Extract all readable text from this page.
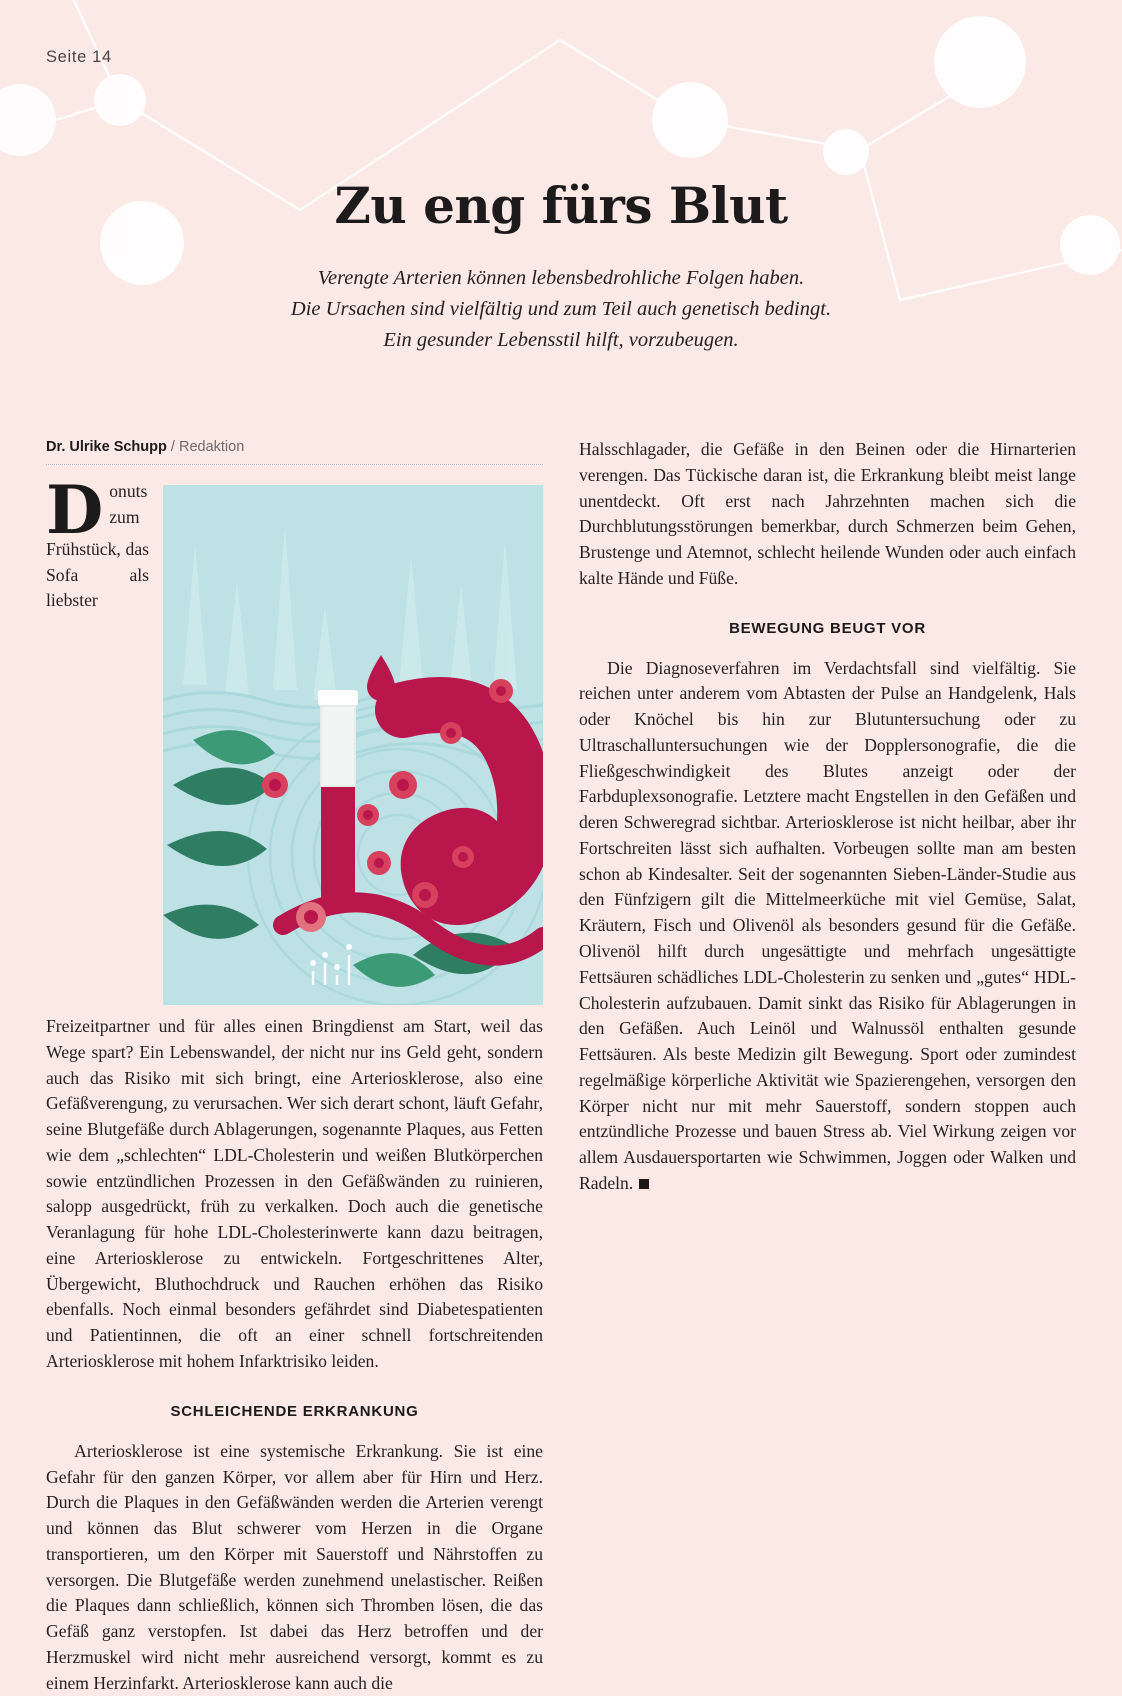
Seite 14
Zu eng fürs Blut
Verengte Arterien können lebensbedrohliche Folgen haben.
Die Ursachen sind vielfältig und zum Teil auch genetisch bedingt.
Ein gesunder Lebensstil hilft, vorzubeugen.
Dr. Ulrike Schupp / Redaktion

Donuts zum Frühstück, das Sofa als liebster Freizeitpartner und für alles einen Bringdienst am Start, weil das Wege spart? Ein Lebenswandel, der nicht nur ins Geld geht, sondern auch das Risiko mit sich bringt, eine Arteriosklerose, also eine Gefäßverengung, zu verursachen. Wer sich derart schont, läuft Gefahr, seine Blutgefäße durch Ablagerungen, sogenannte Plaques, aus Fetten wie dem „schlechten“ LDL-Cholesterin und weißen Blutkörperchen sowie entzündlichen Prozessen in den Gefäßwänden zu ruinieren, salopp ausgedrückt, früh zu verkalken. Doch auch die genetische Veranlagung für hohe LDL-Cholesterinwerte kann dazu beitragen, eine Arteriosklerose zu entwickeln. Fortgeschrittenes Alter, Übergewicht, Bluthochdruck und Rauchen erhöhen das Risiko ebenfalls. Noch einmal besonders gefährdet sind Diabetespatienten und Patientinnen, die oft an einer schnell fortschreitenden Arteriosklerose mit hohem Infarktrisiko leiden.

SCHLEICHENDE ERKRANKUNG

Arteriosklerose ist eine systemische Erkrankung. Sie ist eine Gefahr für den ganzen Körper, vor allem aber für Hirn und Herz. Durch die Plaques in den Gefäßwänden werden die Arterien verengt und können das Blut schwerer vom Herzen in die Organe transportieren, um den Körper mit Sauerstoff und Nährstoffen zu versorgen. Die Blutgefäße werden zunehmend unelastischer. Reißen die Plaques dann schließlich, können sich Thromben lösen, die das Gefäß ganz verstopfen. Ist dabei das Herz betroffen und der Herzmuskel wird nicht mehr ausreichend versorgt, kommt es zu einem Herzinfarkt. Arteriosklerose kann auch die

Halsschlagader, die Gefäße in den Beinen oder die Hirnarterien verengen. Das Tückische daran ist, die Erkrankung bleibt meist lange unentdeckt. Oft erst nach Jahrzehnten machen sich die Durchblutungsstörungen bemerkbar, durch Schmerzen beim Gehen, Brustenge und Atemnot, schlecht heilende Wunden oder auch einfach kalte Hände und Füße.

BEWEGUNG BEUGT VOR

Die Diagnoseverfahren im Verdachtsfall sind vielfältig. Sie reichen unter anderem vom Abtasten der Pulse an Handgelenk, Hals oder Knöchel bis hin zur Blutuntersuchung oder zu Ultraschalluntersuchungen wie der Dopplersonografie, die die Fließgeschwindigkeit des Blutes anzeigt oder der Farbduplexsonografie. Letztere macht Engstellen in den Gefäßen und deren Schweregrad sichtbar. Arteriosklerose ist nicht heilbar, aber ihr Fortschreiten lässt sich aufhalten. Vorbeugen sollte man am besten schon ab Kindesalter. Seit der sogenannten Sieben-Länder-Studie aus den Fünfzigern gilt die Mittelmeerküche mit viel Gemüse, Salat, Kräutern, Fisch und Olivenöl als besonders gesund für die Gefäße. Olivenöl hilft durch ungesättigte und mehrfach ungesättigte Fettsäuren schädliches LDL-Cholesterin zu senken und „gutes“ HDL-Cholesterin aufzubauen. Damit sinkt das Risiko für Ablagerungen in den Gefäßen. Auch Leinöl und Walnussöl enthalten gesunde Fettsäuren. Als beste Medizin gilt Bewegung. Sport oder zumindest regelmäßige körperliche Aktivität wie Spazierengehen, versorgen den Körper nicht nur mit mehr Sauerstoff, sondern stoppen auch entzündliche Prozesse und bauen Stress ab. Viel Wirkung zeigen vor allem Ausdauersportarten wie Schwimmen, Joggen oder Walken und Radeln.
